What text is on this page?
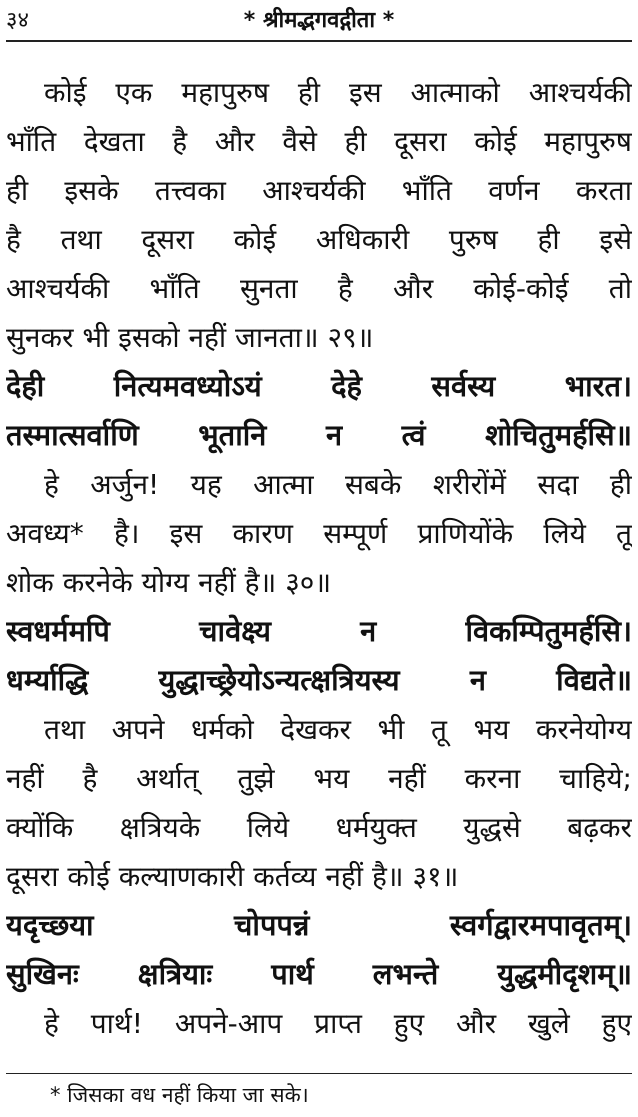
३४	* श्रीमद्भगवद्गीता *
कोई एक महापुरुष ही इस आत्माको आश्चर्यकी
भाँति देखता है और वैसे ही दूसरा कोई महापुरुष
ही इसके तत्त्वका आश्चर्यकी भाँति वर्णन करता
है तथा दूसरा कोई अधिकारी पुरुष ही इसे
आश्चर्यकी भाँति सुनता है और कोई-कोई तो
सुनकर भी इसको नहीं जानता॥ २९॥
देही नित्यमवध्योऽयं देहे सर्वस्य भारत।
तस्मात्सर्वाणि भूतानि न त्वं शोचितुमर्हसि॥
हे अर्जुन! यह आत्मा सबके शरीरोंमें सदा ही
अवध्य* है। इस कारण सम्पूर्ण प्राणियोंके लिये तू
शोक करनेके योग्य नहीं है॥ ३०॥
स्वधर्ममपि चावेक्ष्य न विकम्पितुमर्हसि।
धर्म्याद्धि युद्धाच्छ्रेयोऽन्यत्क्षत्रियस्य न विद्यते॥
तथा अपने धर्मको देखकर भी तू भय करनेयोग्य
नहीं है अर्थात् तुझे भय नहीं करना चाहिये;
क्योंकि क्षत्रियके लिये धर्मयुक्त युद्धसे बढ़कर
दूसरा कोई कल्याणकारी कर्तव्य नहीं है॥ ३१॥
यदृच्छया चोपपन्नं स्वर्गद्वारमपावृतम्।
सुखिनः क्षत्रियाः पार्थ लभन्ते युद्धमीदृशम्॥
हे पार्थ! अपने-आप प्राप्त हुए और खुले हुए
* जिसका वध नहीं किया जा सके।
